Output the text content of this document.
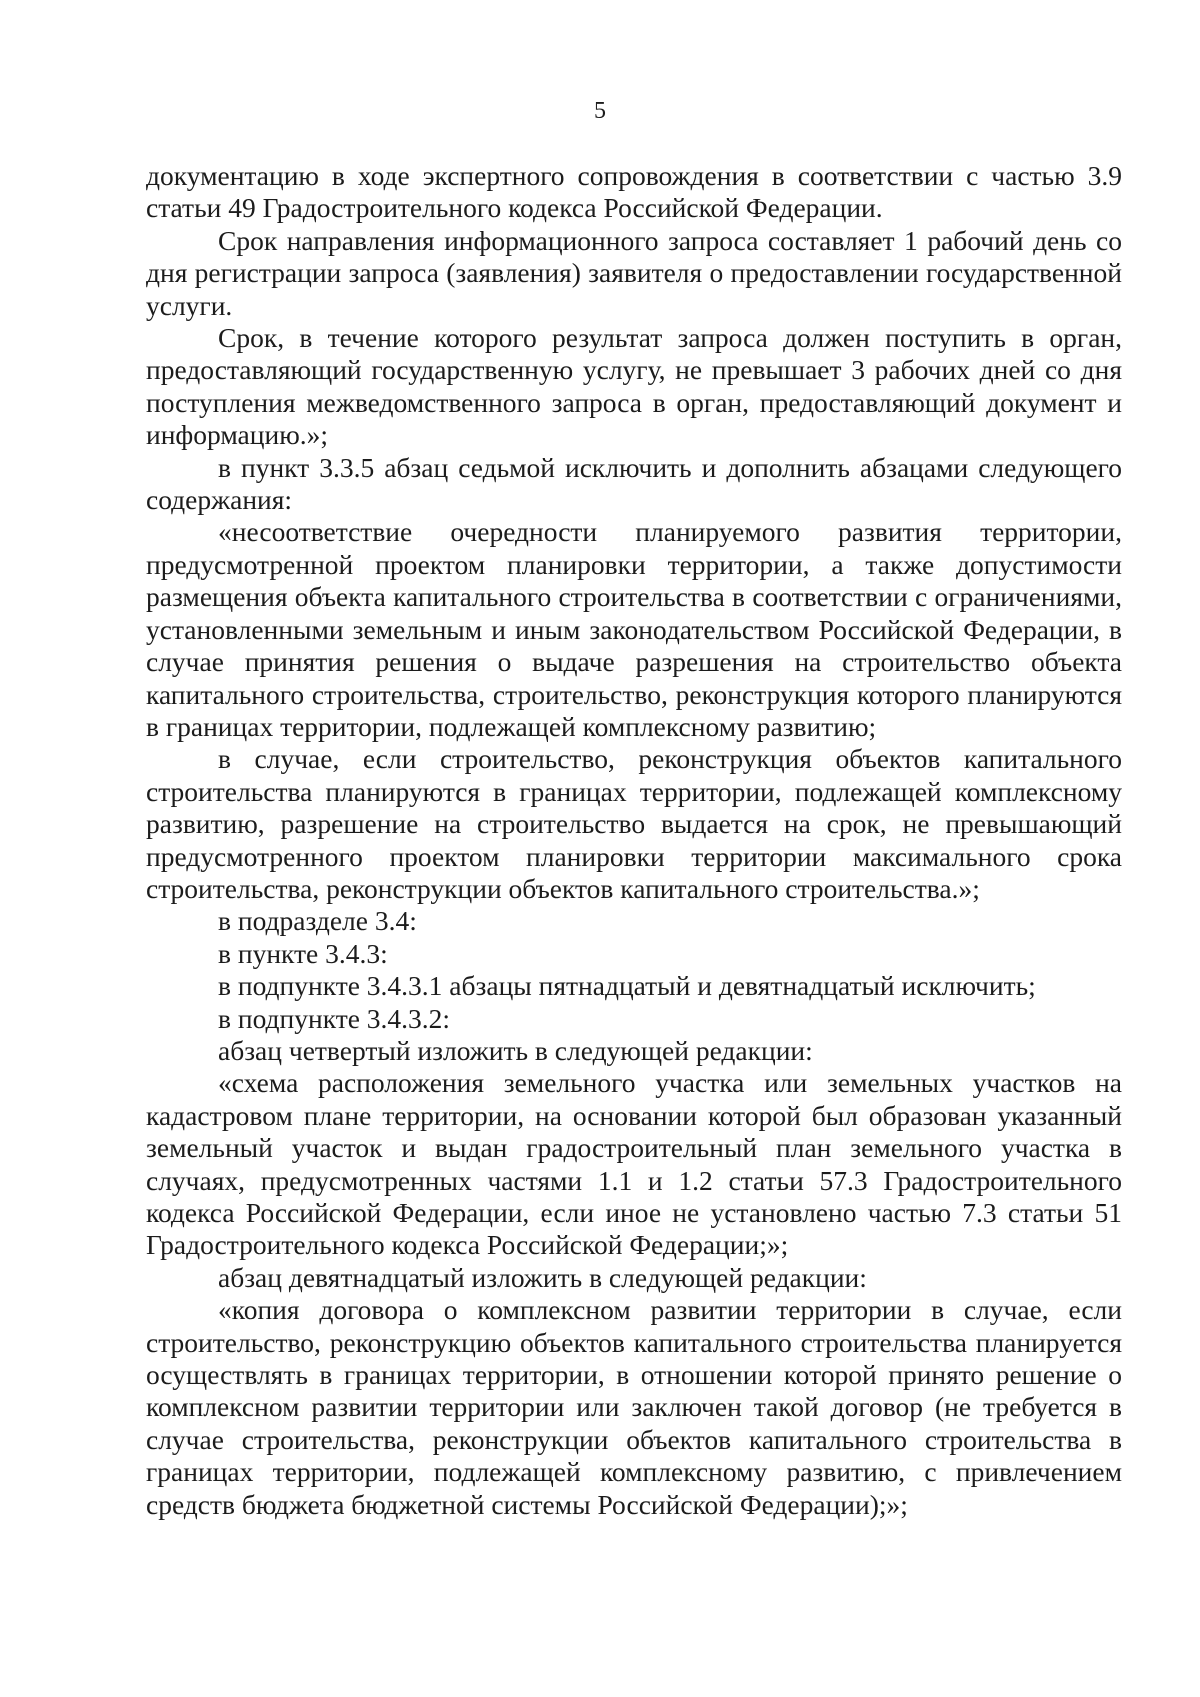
5

документацию в ходе экспертного сопровождения в соответствии с частью 3.9 статьи 49 Градостроительного кодекса Российской Федерации.

Срок направления информационного запроса составляет 1 рабочий день со дня регистрации запроса (заявления) заявителя о предоставлении государственной услуги.

Срок, в течение которого результат запроса должен поступить в орган, предоставляющий государственную услугу, не превышает 3 рабочих дней со дня поступления межведомственного запроса в орган, предоставляющий документ и информацию.»;

в пункт 3.3.5 абзац седьмой исключить и дополнить абзацами следующего содержания:

«несоответствие очередности планируемого развития территории, предусмотренной проектом планировки территории, а также допустимости размещения объекта капитального строительства в соответствии с ограничениями, установленными земельным и иным законодательством Российской Федерации, в случае принятия решения о выдаче разрешения на строительство объекта капитального строительства, строительство, реконструкция которого планируются в границах территории, подлежащей комплексному развитию;

в случае, если строительство, реконструкция объектов капитального строительства планируются в границах территории, подлежащей комплексному развитию, разрешение на строительство выдается на срок, не превышающий предусмотренного проектом планировки территории максимального срока строительства, реконструкции объектов капитального строительства.»;

в подразделе 3.4:

в пункте 3.4.3:

в подпункте 3.4.3.1 абзацы пятнадцатый и девятнадцатый исключить;

в подпункте 3.4.3.2:

абзац четвертый изложить в следующей редакции:

«схема расположения земельного участка или земельных участков на кадастровом плане территории, на основании которой был образован указанный земельный участок и выдан градостроительный план земельного участка в случаях, предусмотренных частями 1.1 и 1.2 статьи 57.3 Градостроительного кодекса Российской Федерации, если иное не установлено частью 7.3 статьи 51 Градостроительного кодекса Российской Федерации;»;

абзац девятнадцатый изложить в следующей редакции:

«копия договора о комплексном развитии территории в случае, если строительство, реконструкцию объектов капитального строительства планируется осуществлять в границах территории, в отношении которой принято решение о комплексном развитии территории или заключен такой договор (не требуется в случае строительства, реконструкции объектов капитального строительства в границах территории, подлежащей комплексному развитию, с привлечением средств бюджета бюджетной системы Российской Федерации);»;
